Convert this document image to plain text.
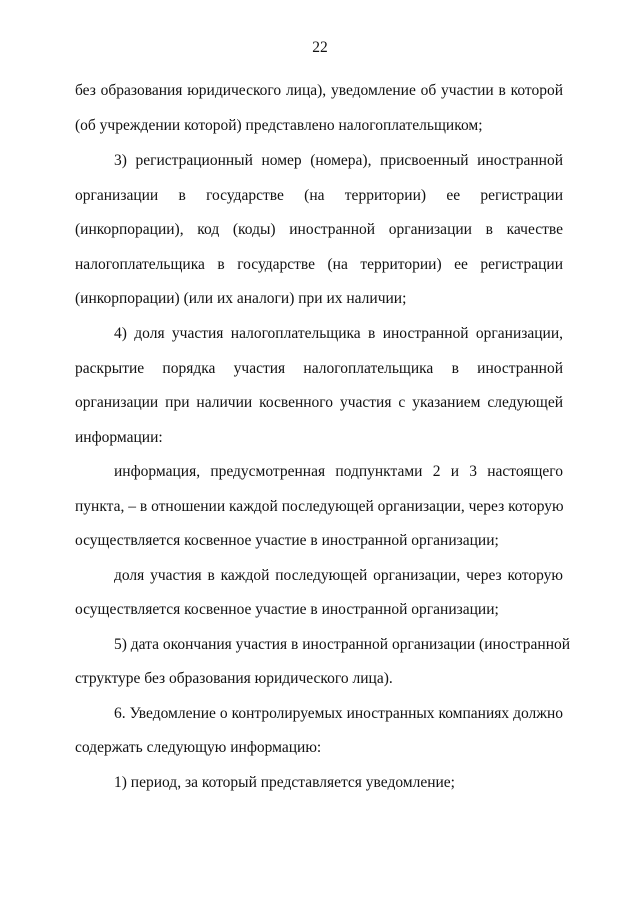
22
без образования юридического лица), уведомление об участии в которой
(об учреждении которой) представлено налогоплательщиком;
3) регистрационный номер (номера), присвоенный иностранной
организации в государстве (на территории) ее регистрации
(инкорпорации), код (коды) иностранной организации в качестве
налогоплательщика в государстве (на территории) ее регистрации
(инкорпорации) (или их аналоги) при их наличии;
4) доля участия налогоплательщика в иностранной организации,
раскрытие порядка участия налогоплательщика в иностранной
организации при наличии косвенного участия с указанием следующей
информации:
информация, предусмотренная подпунктами 2 и 3 настоящего
пункта, – в отношении каждой последующей организации, через которую
осуществляется косвенное участие в иностранной организации;
доля участия в каждой последующей организации, через которую
осуществляется косвенное участие в иностранной организации;
5) дата окончания участия в иностранной организации (иностранной
структуре без образования юридического лица).
6. Уведомление о контролируемых иностранных компаниях должно
содержать следующую информацию:
1) период, за который представляется уведомление;
